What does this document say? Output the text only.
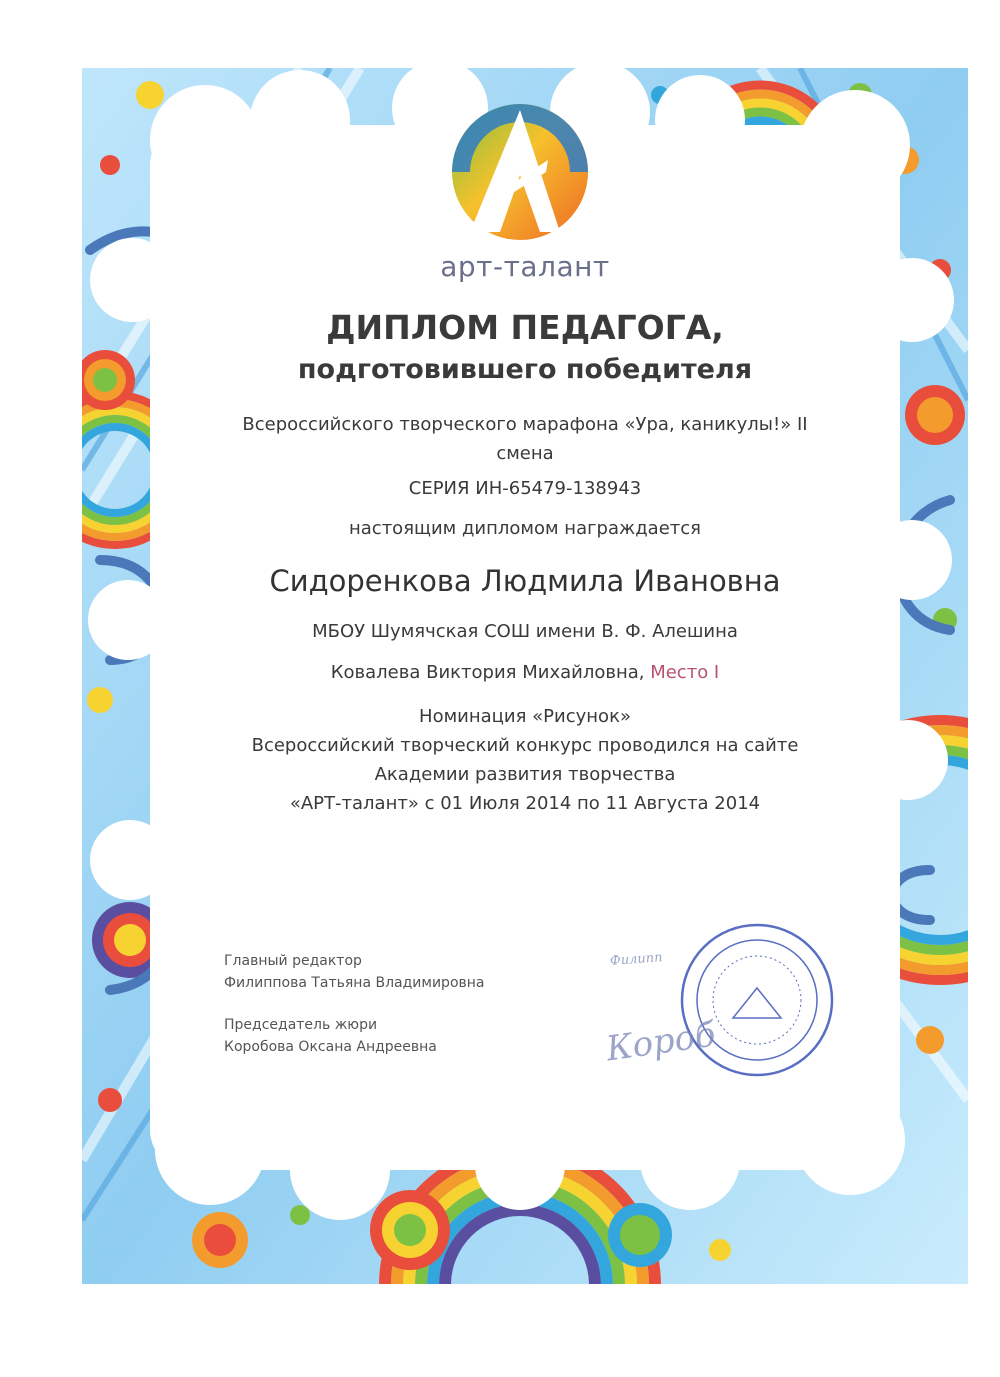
арт-талант
ДИПЛОМ ПЕДАГОГА,
подготовившего победителя
Всероссийского творческого марафона «Ура, каникулы!» II
смена
СЕРИЯ ИН-65479-138943
настоящим дипломом награждается
Сидоренкова Людмила Ивановна
МБОУ Шумячская СОШ имени В. Ф. Алешина
Ковалева Виктория Михайловна, Место I
Номинация «Рисунок»
Всероссийский творческий конкурс проводился на сайте
Академии развития творчества
«АРТ-талант» с 01 Июля 2014 по 11 Августа 2014
Главный редактор
Филиппова Татьяна Владимировна
Председатель жюри
Коробова Оксана Андреевна
Филипп
Короб
